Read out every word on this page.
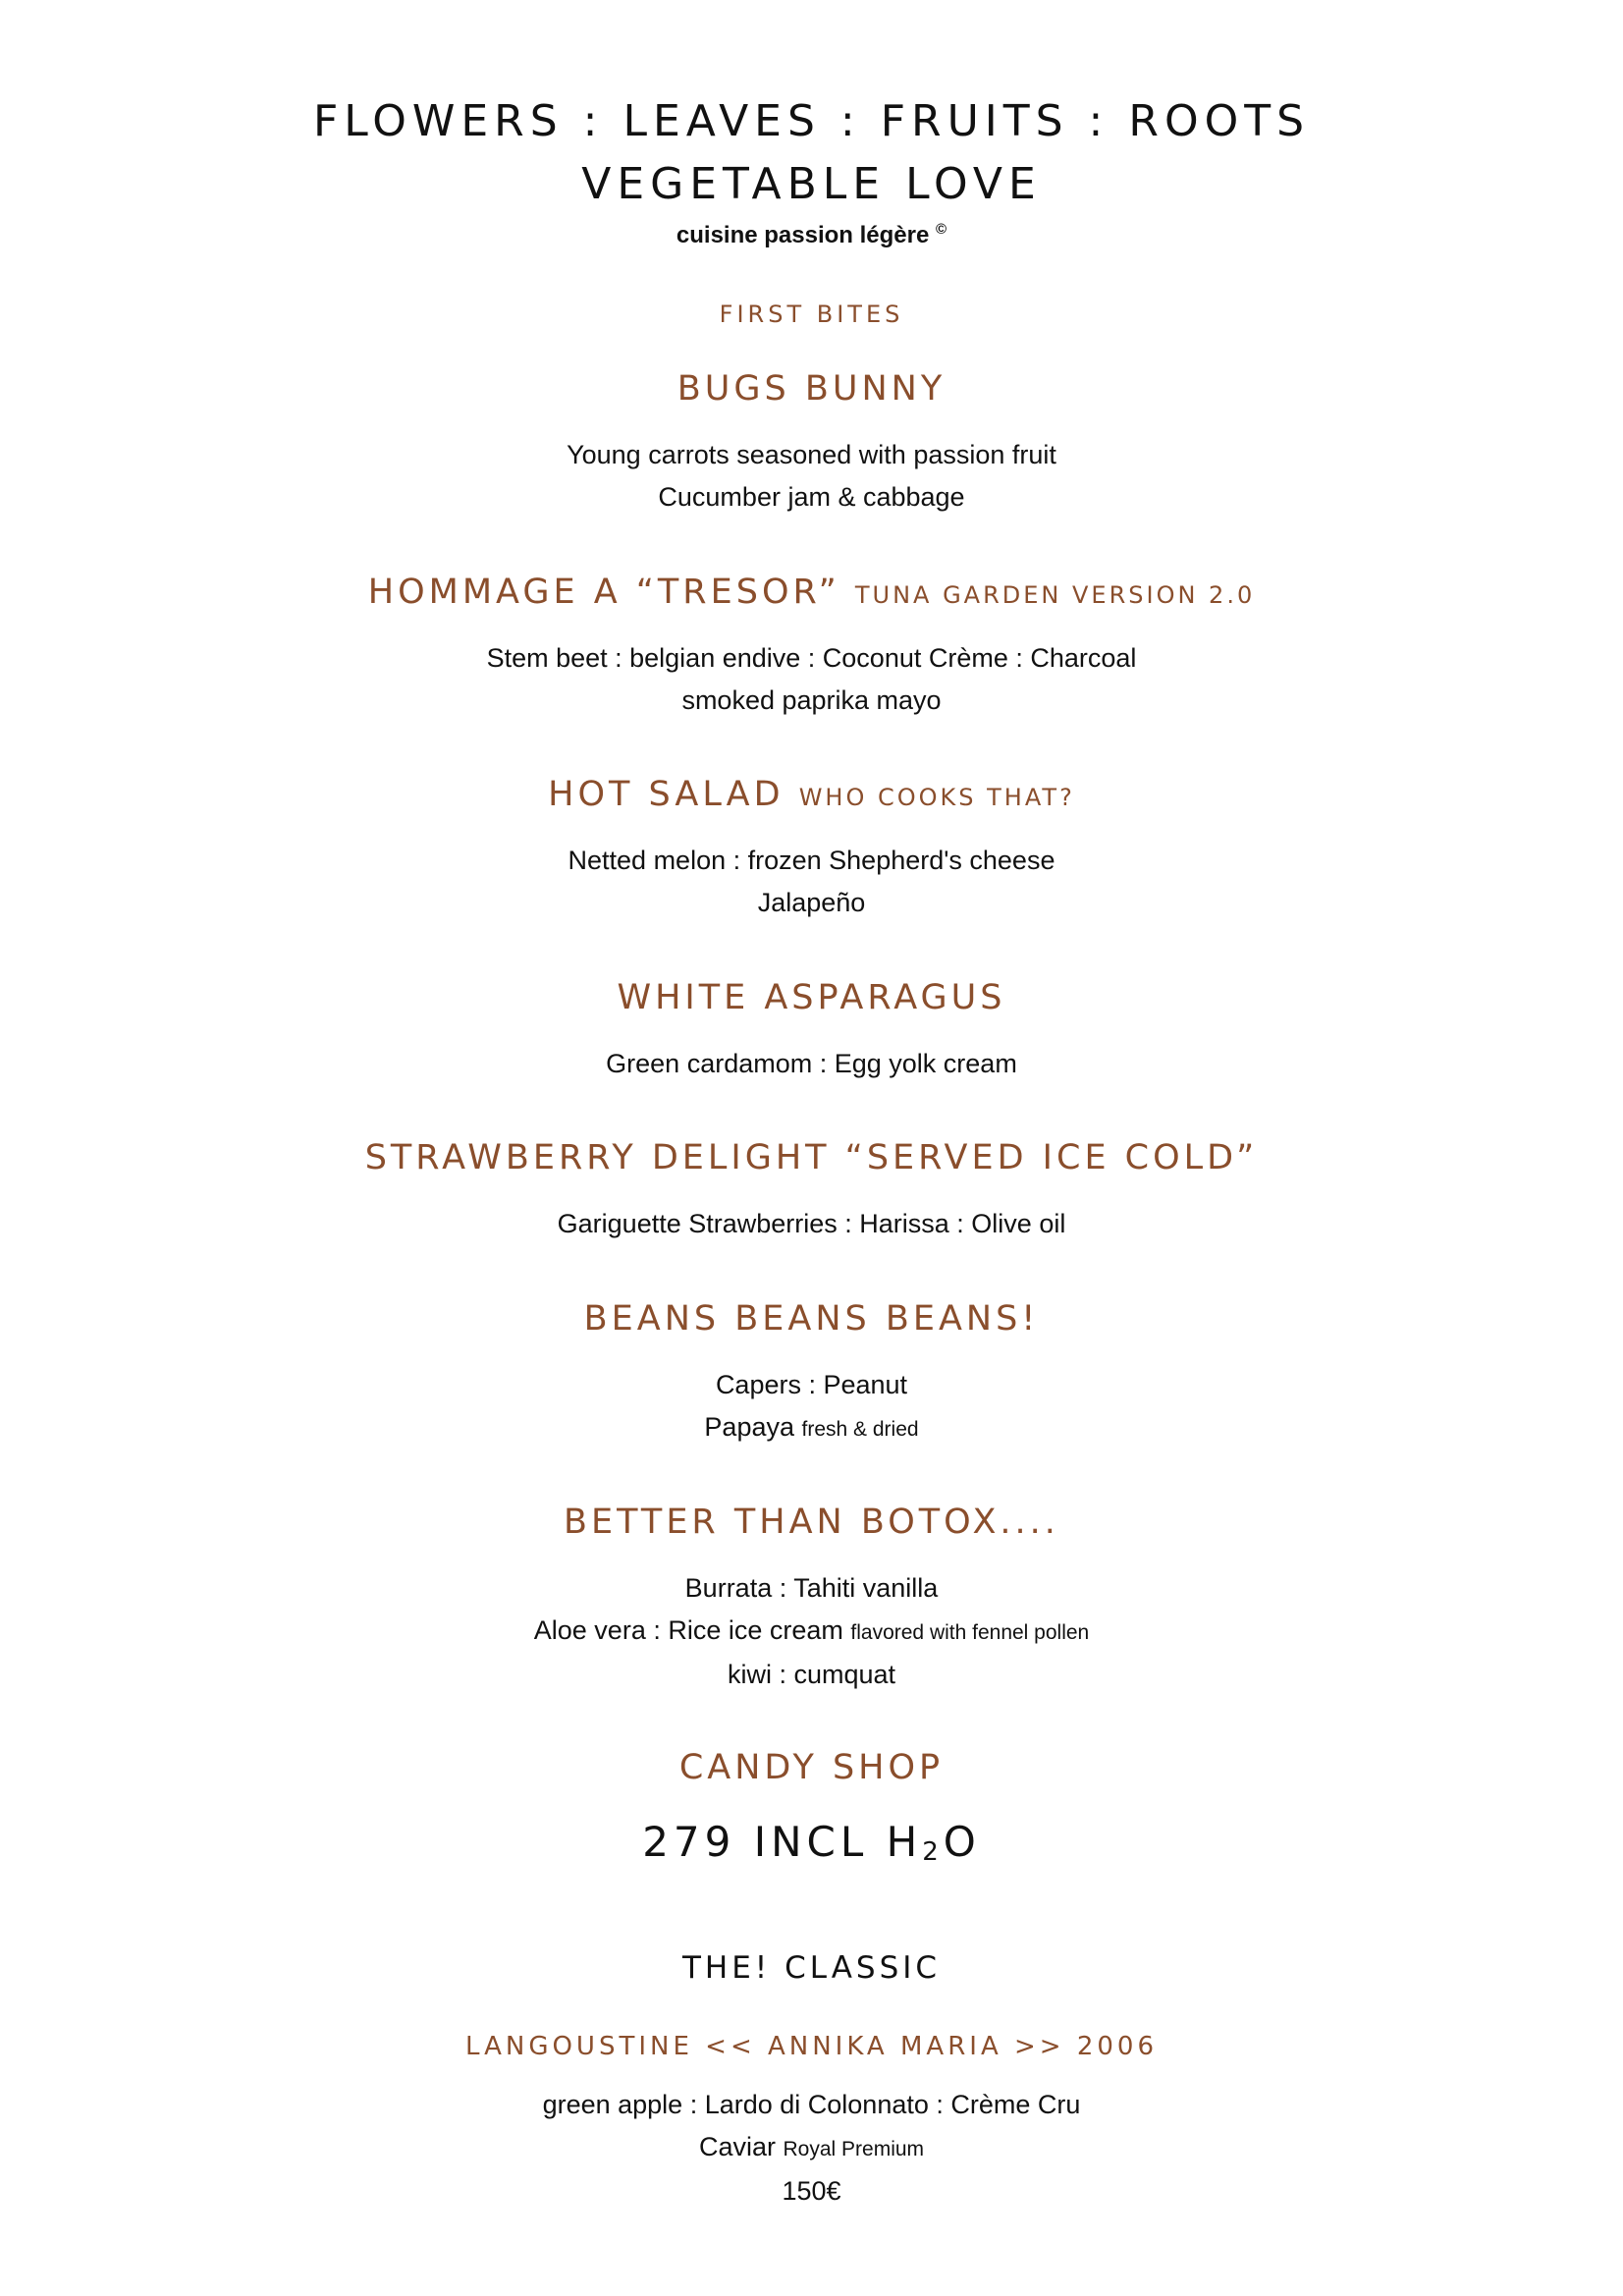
FLOWERS : LEAVES : FRUITS : ROOTS
VEGETABLE LOVE
cuisine passion légère ©
FIRST BITES
BUGS BUNNY
Young carrots seasoned with passion fruit
Cucumber jam & cabbage
HOMMAGE A “TRESOR” TUNA GARDEN VERSION 2.0
Stem beet : belgian endive : Coconut Crème : Charcoal
smoked paprika mayo
HOT SALAD WHO COOKS THAT?
Netted melon : frozen Shepherd's cheese
Jalapeño
WHITE ASPARAGUS
Green cardamom : Egg yolk cream
STRAWBERRY DELIGHT “SERVED ICE COLD”
Gariguette Strawberries : Harissa : Olive oil
BEANS BEANS BEANS!
Capers : Peanut
Papaya fresh & dried
BETTER THAN BOTOX....
Burrata : Tahiti vanilla
Aloe vera : Rice ice cream flavored with fennel pollen
kiwi : cumquat
CANDY SHOP
279 INCL $H_2O$
THE! CLASSIC
LANGOUSTINE << ANNIKA MARIA >> 2006
green apple : Lardo di Colonnato : Crème Cru
Caviar Royal Premium
150€
